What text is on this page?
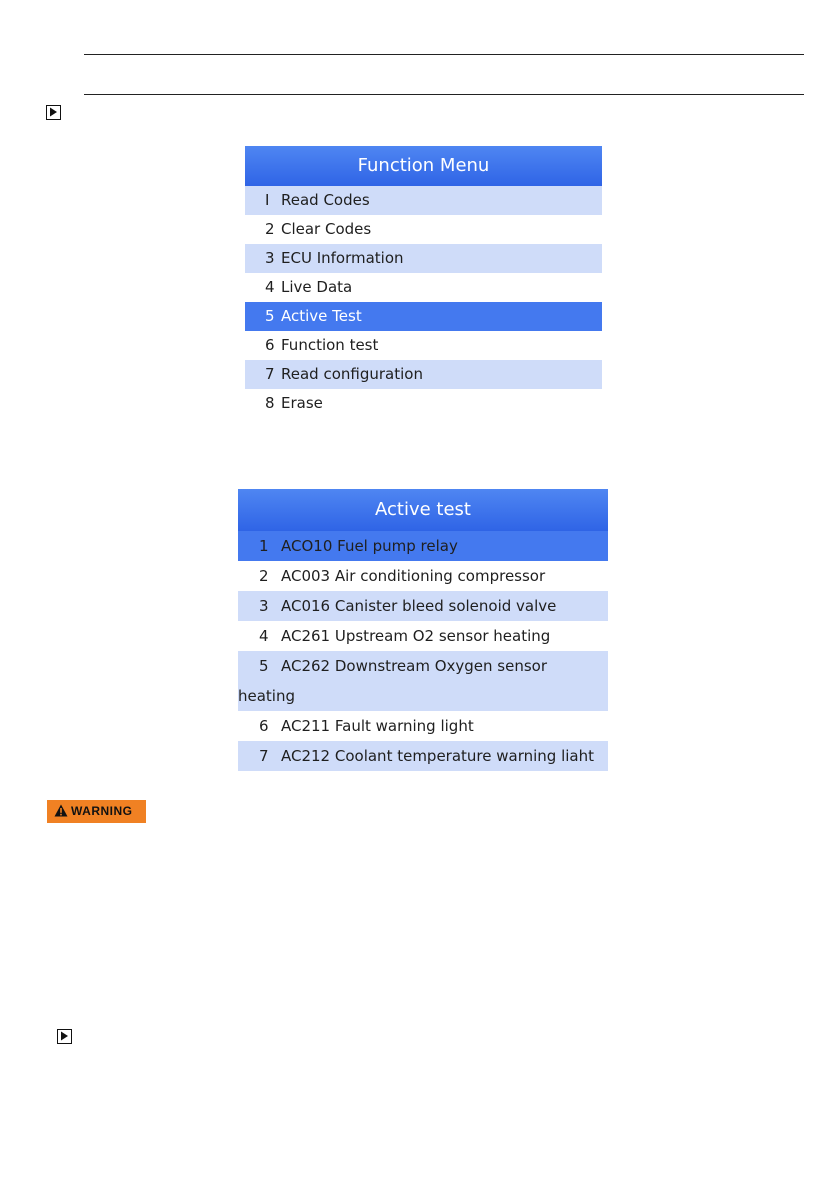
Function Menu
I Read Codes
2 Clear Codes
3 ECU Information
4 Live Data
5 Active Test
6 Function test
7 Read configuration
8 Erase
Active test
1 ACO10 Fuel pump relay
2 AC003 Air conditioning compressor
3 AC016 Canister bleed solenoid valve
4 AC261 Upstream O2 sensor heating
5 AC262 Downstream Oxygen sensor
heating
6 AC211 Fault warning light
7 AC212 Coolant temperature warning liaht
WARNING
